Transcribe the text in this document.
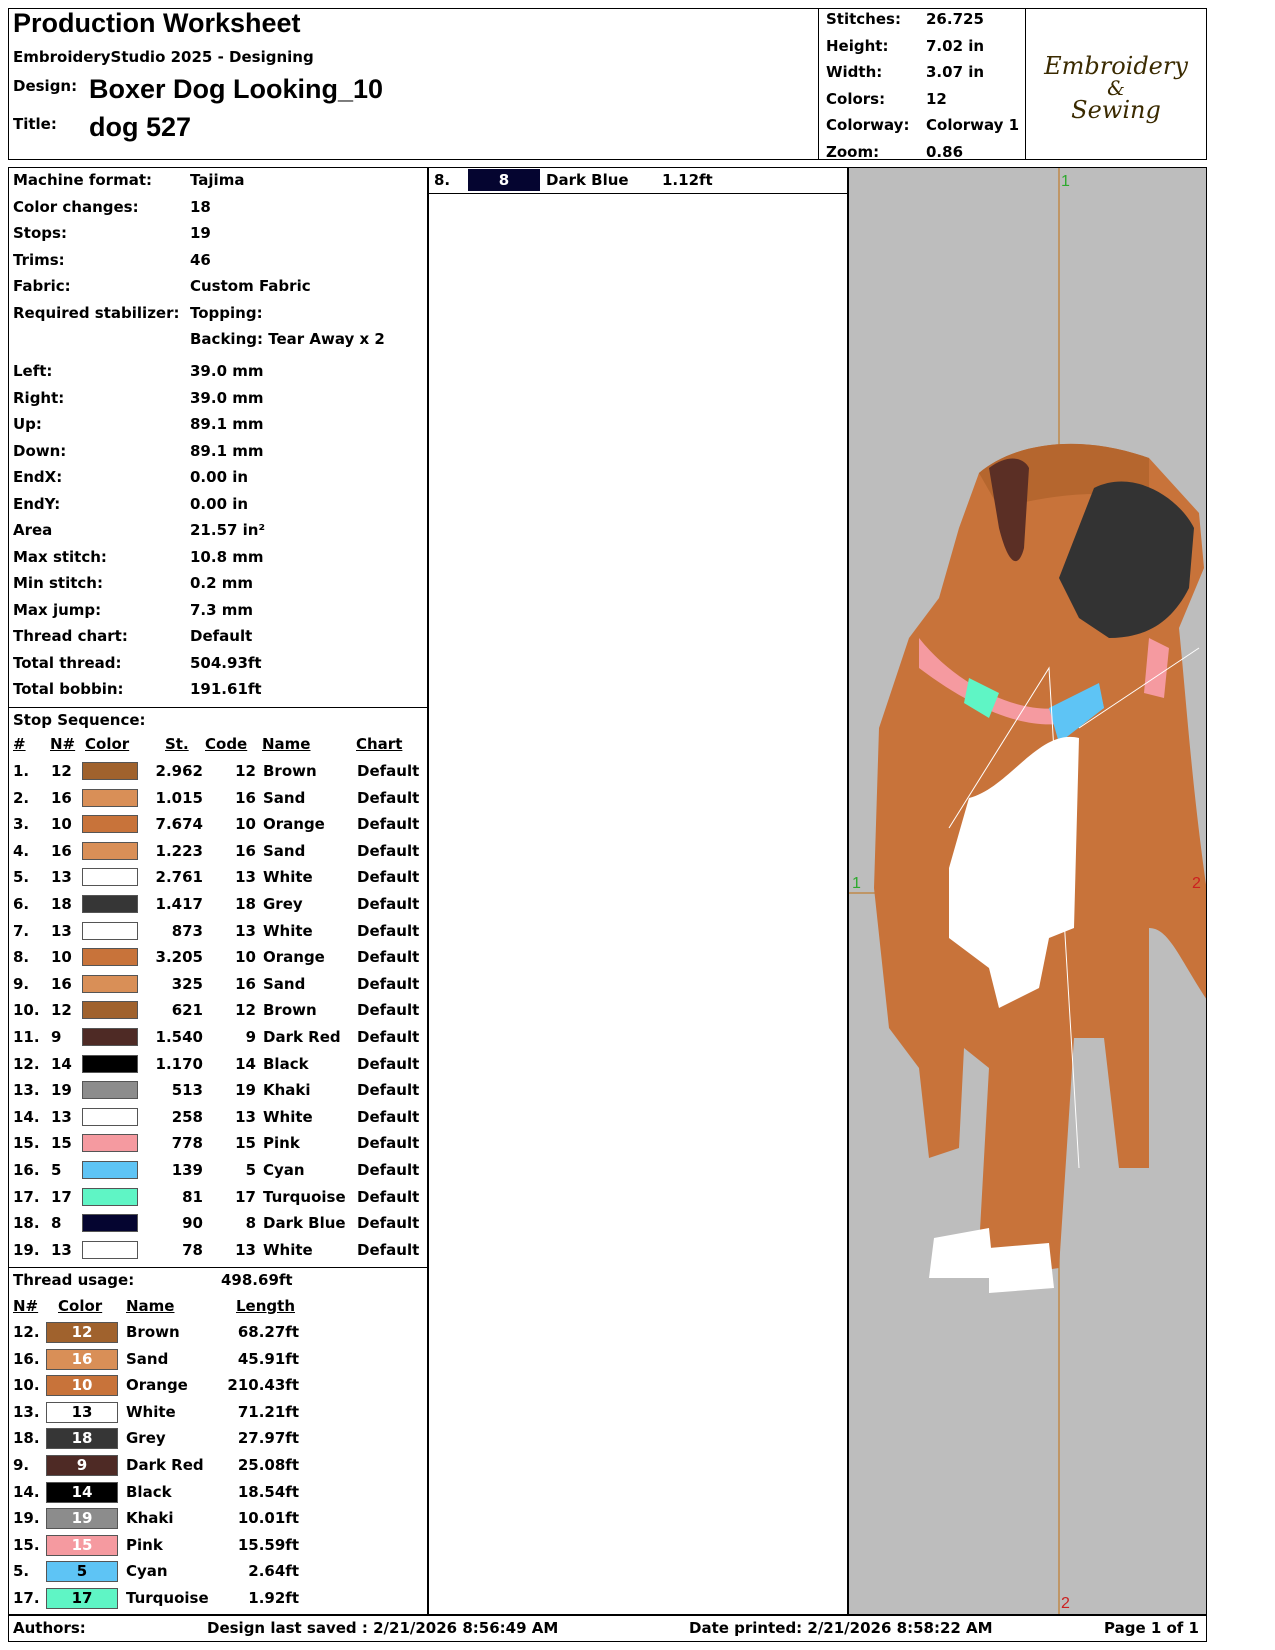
Production Worksheet
EmbroideryStudio 2025 - Designing
Design: Boxer Dog Looking_10
Title: dog 527
Stitches: 26.725
Height:	7.02 in
Width:	3.07 in
Colors:	12
Colorway: Colorway 1
Zoom:	0.86
Embroidery
&
Sewing
Machine format:	Tajima
Color changes:	18
Stops:	19
Trims:	46
Fabric:	Custom Fabric
Required stabilizer: Topping:
Backing: Tear Away x 2
Left:	39.0 mm
Right:	39.0 mm
Up:	89.1 mm
Down:	89.1 mm
EndX:	0.00 in
EndY:	0.00 in
Area	21.57 in²
Max stitch:	10.8 mm
Min stitch:	0.2 mm
Max jump:	7.3 mm
Thread chart:	Default
Total thread:	504.93ft
Total bobbin:	191.61ft
Stop Sequence:
# N# Color St. Code Name	Chart
1. 12	2.962 12 Brown	Default
2. 16	1.015 16 Sand	Default
3. 10	7.674 10 Orange Default
4. 16	1.223 16 Sand	Default
5. 13	2.761 13 White	Default
6. 18	1.417 18 Grey	Default
7. 13	873 13 White	Default
8. 10	3.205 10 Orange Default
9. 16	325 16 Sand	Default
10. 12	621 12 Brown	Default
11. 9	1.540	9 Dark Red Default
12. 14	1.170 14 Black	Default
13. 19	513 19 Khaki	Default
14. 13	258 13 White	Default
15. 15	778 15 Pink	Default
16. 5	139	5 Cyan	Default
17. 17	81 17 Turquoise Default
18. 8	90	8 Dark Blue Default
19. 13	78 13 White	Default
Thread usage:	498.69ft
N# Color Name	Length
12.	12	Brown	68.27ft
16.	16	Sand	45.91ft
10.	10	Orange	210.43ft
13.	13	White	71.21ft
18.	18	Grey	27.97ft
9.	9	Dark Red 25.08ft
14.	14	Black	18.54ft
19.	19	Khaki	10.01ft
15.	15	Pink	15.59ft
5.	5	Cyan	2.64ft
17.	17	Turquoise	1.92ft
8.	8	Dark Blue 1.12ft	1
1	2
2
Authors:	Design last saved : 2/21/2026 8:56:49 AM	Date printed: 2/21/2026 8:58:22 AM	Page 1 of 1
